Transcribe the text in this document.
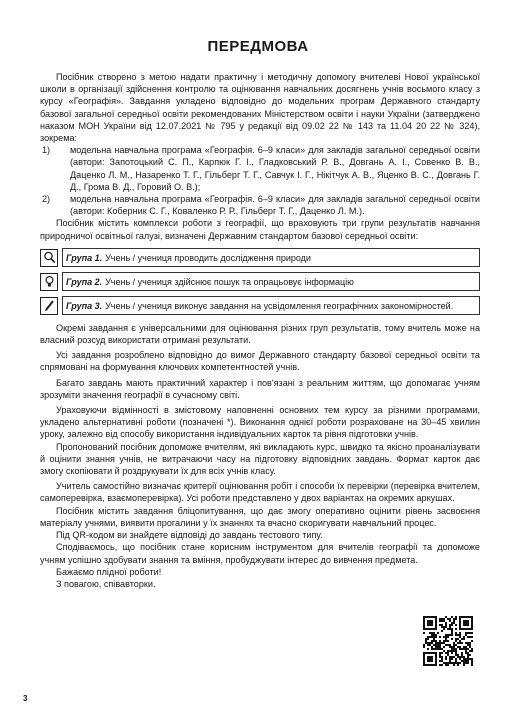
ПЕРЕДМОВА

Посібник створено з метою надати практичну і методичну допомогу вчителеві Нової української школи в організації здійснення контролю та оцінювання навчальних досягнень учнів восьмого класу з курсу «Географія». Завдання укладено відповідно до модельних програм Державного стандарту базової загальної середньої освіти рекомендованих Міністерством освіти і науки України (затверджено наказом МОН України від 12.07.2021 № 795 у редакції від 09.02 22 № 143 та 11.04 20 22 № 324), зокрема:

1) модельна навчальна програма «Географія. 6–9 класи» для закладів загальної середньої освіти (автори: Запотоцький С. П., Карпюк Г. І., Гладковський Р. В., Довгань А. І., Совенко В. В., Даценко Л. М., Назаренко Т. Г., Гільберг Т. Г., Савчук І. Г., Нікітчук А. В., Яценко В. С., Довгань Г. Д., Грома В. Д., Горовий О. В.);
2) модельна навчальна програма «Географія. 6–9 класи» для закладів загальної середньої освіти (автори: Коберник С. Г., Коваленко Р. Р., Гільберг Т. Г., Даценко Л. М.).

Посібник містить комплекси роботи з географії, що враховують три групи результатів навчання природничої освітньої галузі, визначені Державним стандартом базової середньої освіти:

Група 1. Учень / учениця проводить дослідження природи
Група 2. Учень / учениця здійснює пошук та опрацьовує інформацію
Група 3. Учень / учениця виконує завдання на усвідомлення географічних закономірностей.

Окремі завдання є універсальними для оцінювання різних груп результатів, тому вчитель може на власний розсуд використати отримані результати.

Усі завдання розроблено відповідно до вимог Державного стандарту базової середньої освіти та спрямовані на формування ключових компетентностей учнів.

Багато завдань мають практичний характер і пов'язані з реальним життям, що допомагає учням зрозуміти значення географії в сучасному світі.

Ураховуючи відмінності в змістовому наповненні основних тем курсу за різними програмами, укладено альтернативні роботи (позначені *). Виконання однієї роботи розраховане на 30–45 хвилин уроку, залежно від способу використання індивідуальних карток та рівня підготовки учнів.

Пропонований посібник допоможе вчителям, які викладають курс, швидко та якісно проаналізувати й оцінити знання учнів, не витрачаючи часу на підготовку відповідних завдань. Формат карток дає змогу скопіювати й роздрукувати їх для всіх учнів класу.

Учитель самостійно визначає критерії оцінювання робіт і способи їх перевірки (перевірка вчителем, самоперевірка, взаємоперевірка). Усі роботи представлено у двох варіантах на окремих аркушах.

Посібник містить завдання бліцопитування, що дає змогу оперативно оцінити рівень засвоєння матеріалу учнями, виявити прогалини у їх знаннях та вчасно скоригувати навчальний процес.

Під QR-кодом ви знайдете відповіді до завдань тестового типу.

Сподіваємось, що посібник стане корисним інструментом для вчителів географії та допоможе учням успішно здобувати знання та вміння, пробуджувати інтерес до вивчення предмета.

Бажаємо плідної роботи!

З повагою, співавторки.

3
